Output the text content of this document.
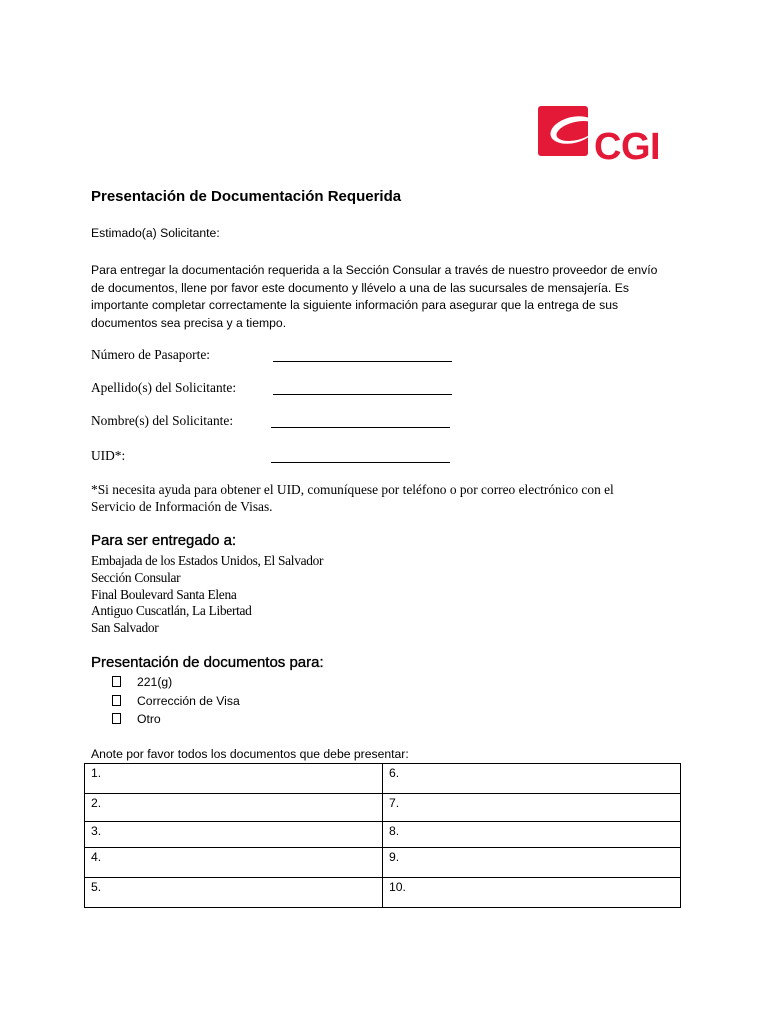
CGI
Presentación de Documentación Requerida
Estimado(a) Solicitante:
Para entregar la documentación requerida a la Sección Consular a través de nuestro proveedor de envío
de documentos, llene por favor este documento y llévelo a una de las sucursales de mensajería. Es
importante completar correctamente la siguiente información para asegurar que la entrega de sus
documentos sea precisa y a tiempo.
Número de Pasaporte:
Apellido(s) del Solicitante:
Nombre(s) del Solicitante:
UID*:
*Si necesita ayuda para obtener el UID, comuníquese por teléfono o por correo electrónico con el
Servicio de Información de Visas.
Para ser entregado a:
Embajada de los Estados Unidos, El Salvador
Sección Consular
Final Boulevard Santa Elena
Antiguo Cuscatlán, La Libertad
San Salvador
Presentación de documentos para:
221(g)
Corrección de Visa
Otro
Anote por favor todos los documentos que debe presentar:
1.	6.
2.	7.
3.	8.
4.	9.
5.	10.
